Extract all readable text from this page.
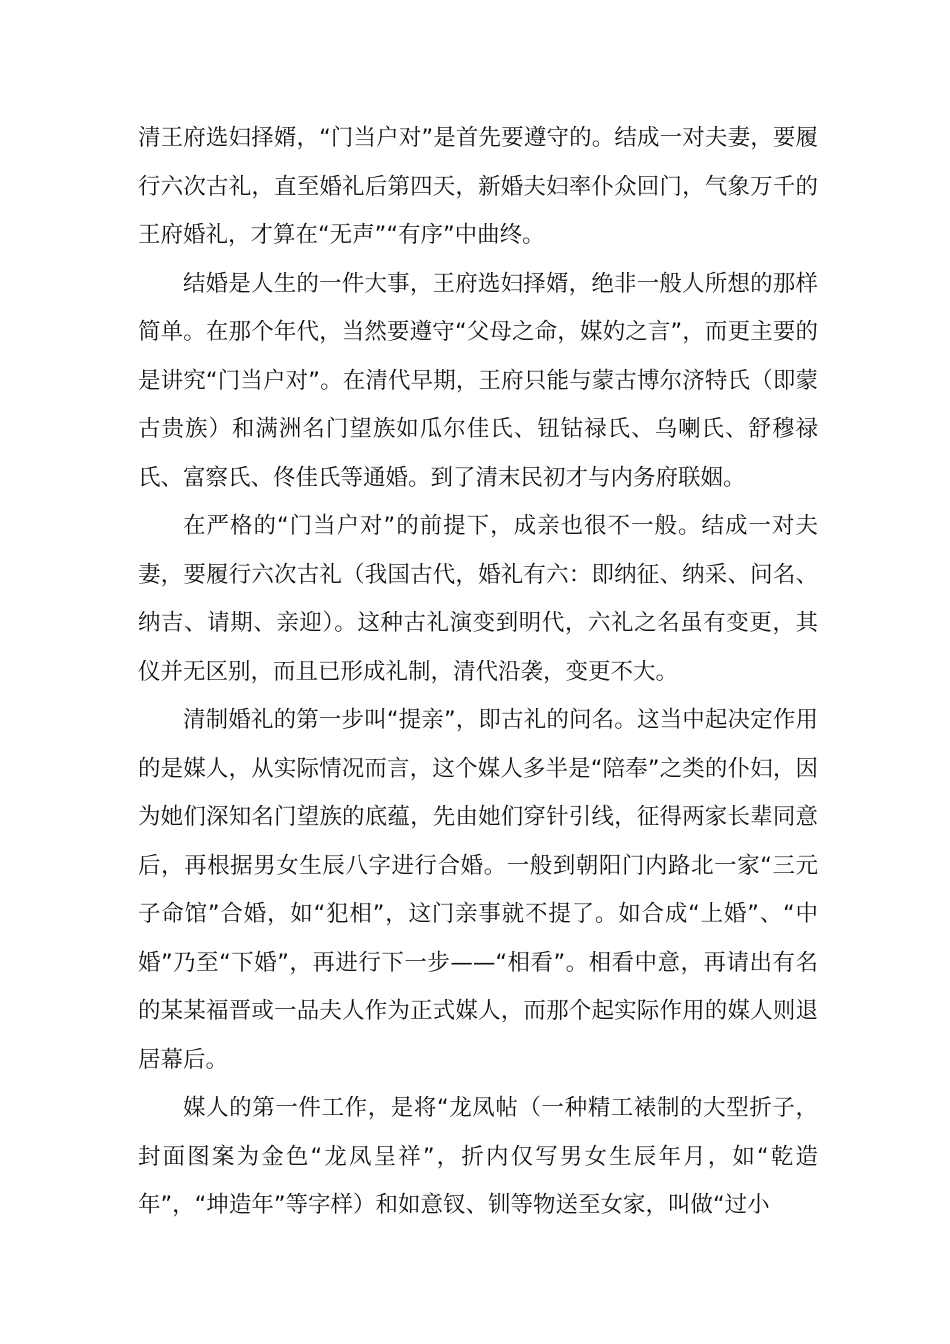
清王府选妇择婿，“门当户对”是首先要遵守的。结成一对夫妻，要履行六次古礼，直至婚礼后第四天，新婚夫妇率仆众回门，气象万千的王府婚礼，才算在“无声”“有序”中曲终。

结婚是人生的一件大事，王府选妇择婿，绝非一般人所想的那样简单。在那个年代，当然要遵守“父母之命，媒妁之言”，而更主要的是讲究“门当户对”。在清代早期，王府只能与蒙古博尔济特氏（即蒙古贵族）和满洲名门望族如瓜尔佳氏、钮钴禄氏、乌喇氏、舒穆禄氏、富察氏、佟佳氏等通婚。到了清末民初才与内务府联姻。

在严格的“门当户对”的前提下，成亲也很不一般。结成一对夫妻，要履行六次古礼（我国古代，婚礼有六：即纳征、纳采、问名、纳吉、请期、亲迎）。这种古礼演变到明代，六礼之名虽有变更，其仪并无区别，而且已形成礼制，清代沿袭，变更不大。

清制婚礼的第一步叫“提亲”，即古礼的问名。这当中起决定作用的是媒人，从实际情况而言，这个媒人多半是“陪奉”之类的仆妇，因为她们深知名门望族的底蕴，先由她们穿针引线，征得两家长辈同意后，再根据男女生辰八字进行合婚。一般到朝阳门内路北一家“三元子命馆”合婚，如“犯相”，这门亲事就不提了。如合成“上婚”、“中婚”乃至“下婚”，再进行下一步——“相看”。相看中意，再请出有名的某某福晋或一品夫人作为正式媒人，而那个起实际作用的媒人则退居幕后。

媒人的第一件工作，是将“龙凤帖（一种精工裱制的大型折子，封面图案为金色“龙凤呈祥”，折内仅写男女生辰年月，如“乾造年”，“坤造年”等字样）和如意钗、钏等物送至女家，叫做“过小
